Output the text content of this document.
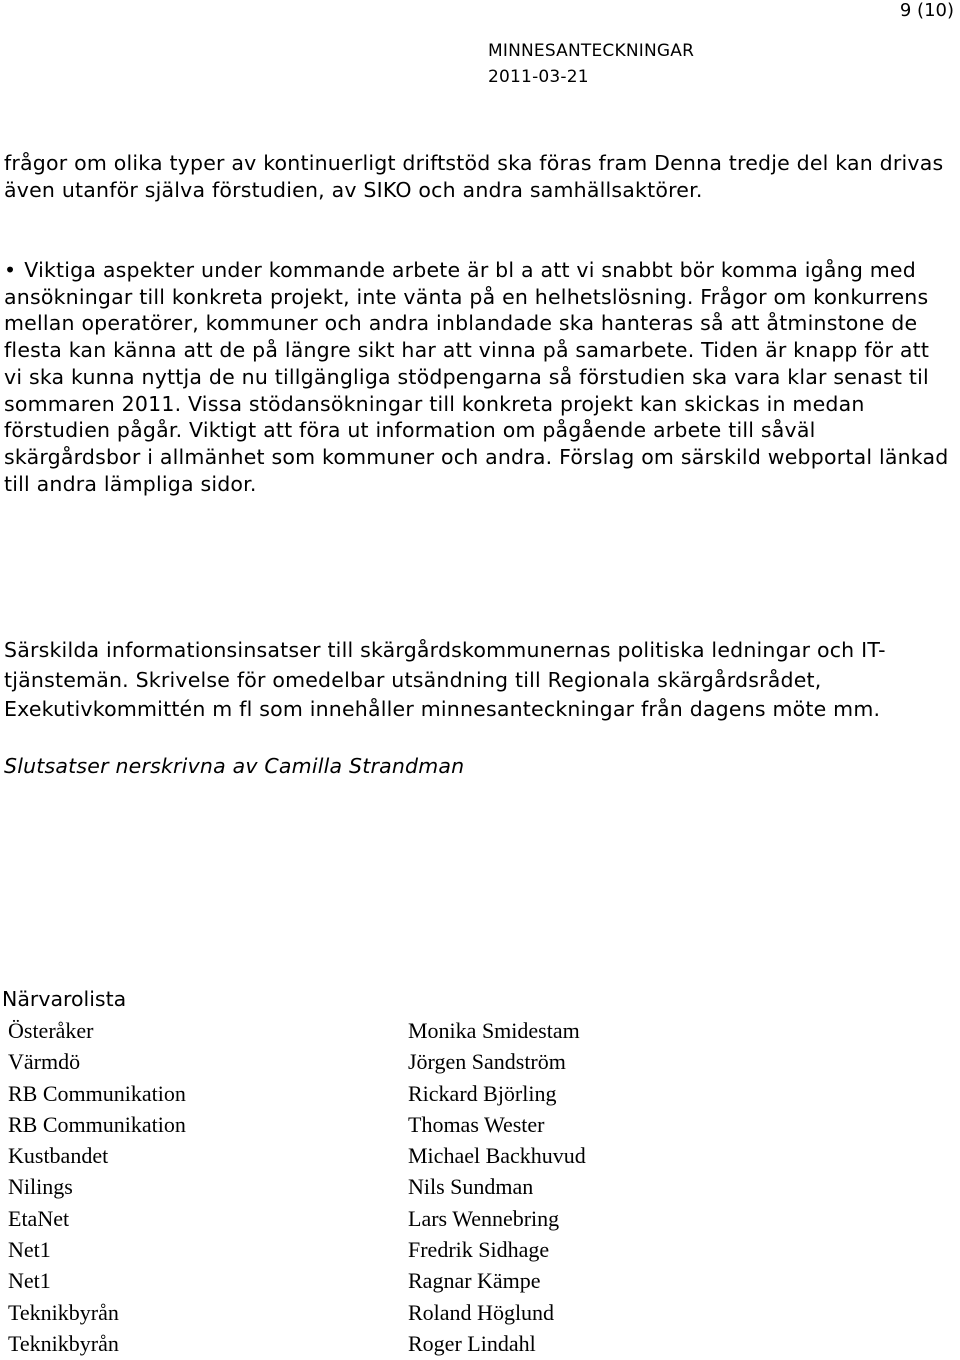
9 (10)
MINNESANTECKNINGAR
2011-03-21

frågor om olika typer av kontinuerligt driftstöd ska föras fram Denna tredje del kan drivas även utanför själva förstudien, av SIKO och andra samhällsaktörer.

• Viktiga aspekter under kommande arbete är bl a att vi snabbt bör komma igång med ansökningar till konkreta projekt, inte vänta på en helhetslösning. Frågor om konkurrens mellan operatörer, kommuner och andra inblandade ska hanteras så att åtminstone de flesta kan känna att de på längre sikt har att vinna på samarbete. Tiden är knapp för att vi ska kunna nyttja de nu tillgängliga stödpengarna så förstudien ska vara klar senast til sommaren 2011. Vissa stödansökningar till konkreta projekt kan skickas in medan förstudien pågår. Viktigt att föra ut information om pågående arbete till såväl skärgårdsbor i allmänhet som kommuner och andra. Förslag om särskild webportal länkad till andra lämpliga sidor.

Särskilda informationsinsatser till skärgårdskommunernas politiska ledningar och IT-tjänstemän. Skrivelse för omedelbar utsändning till Regionala skärgårdsrådet, Exekutivkommittén m fl som innehåller minnesanteckningar från dagens möte mm.

Slutsatser nerskrivna av Camilla Strandman

Närvarolista

Österåker	Monika Smidestam
Värmdö	Jörgen Sandström
RB Communikation	Rickard Björling
RB Communikation	Thomas Wester
Kustbandet	Michael Backhuvud
Nilings	Nils Sundman
EtaNet	Lars Wennebring
Net1	Fredrik Sidhage
Net1	Ragnar Kämpe
Teknikbyrån	Roland Höglund
Teknikbyrån	Roger Lindahl
